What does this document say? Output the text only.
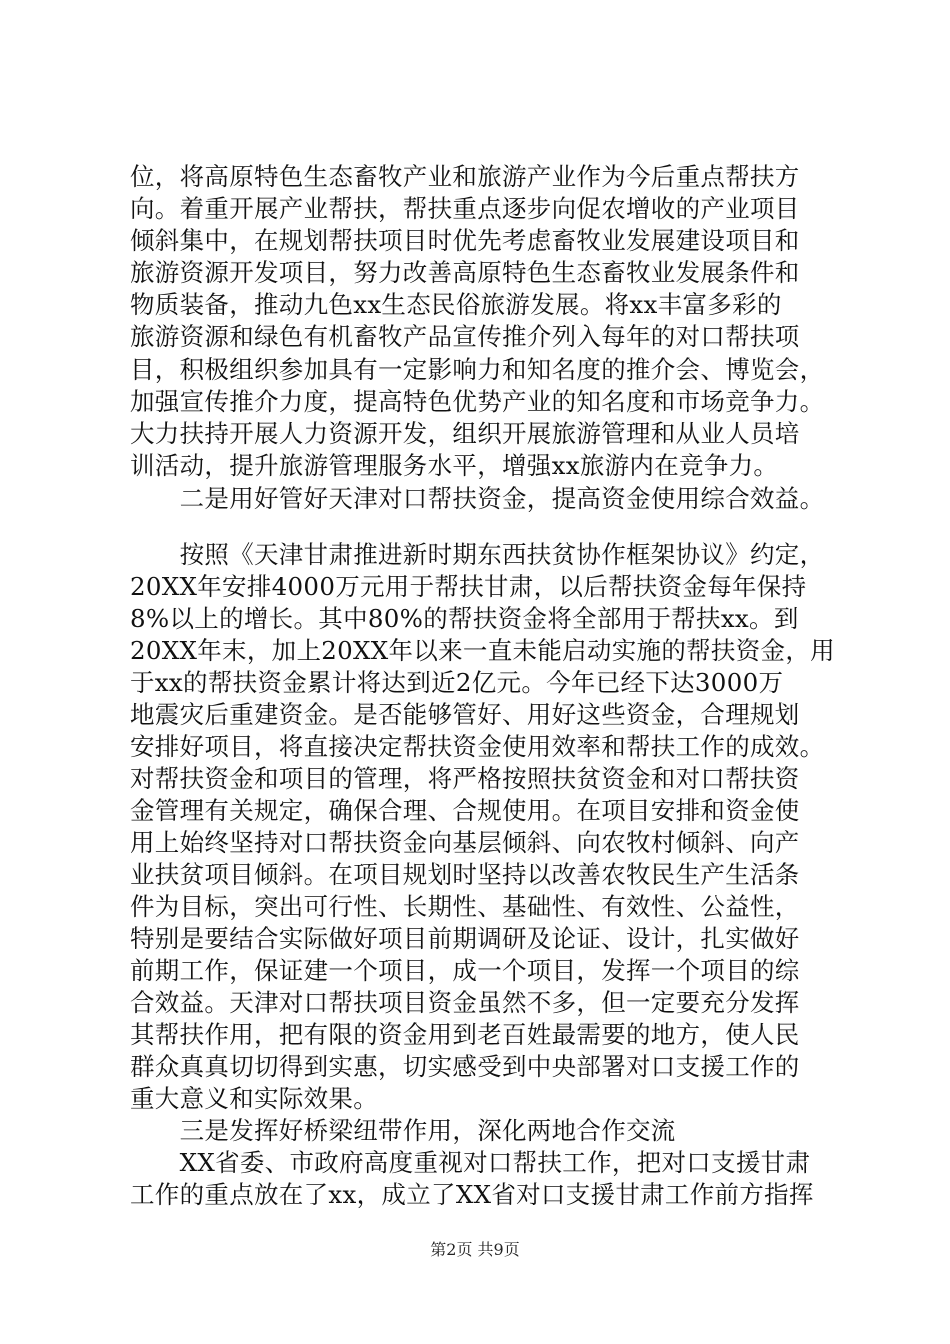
位，将高原特色生态畜牧产业和旅游产业作为今后重点帮扶方
向。着重开展产业帮扶，帮扶重点逐步向促农增收的产业项目
倾斜集中，在规划帮扶项目时优先考虑畜牧业发展建设项目和
旅游资源开发项目，努力改善高原特色生态畜牧业发展条件和
物质装备，推动九色xx生态民俗旅游发展。将xx丰富多彩的
旅游资源和绿色有机畜牧产品宣传推介列入每年的对口帮扶项
目，积极组织参加具有一定影响力和知名度的推介会、博览会，
加强宣传推介力度，提高特色优势产业的知名度和市场竞争力。
大力扶持开展人力资源开发，组织开展旅游管理和从业人员培
训活动，提升旅游管理服务水平，增强xx旅游内在竞争力。
　　二是用好管好天津对口帮扶资金，提高资金使用综合效益。
　　按照《天津甘肃推进新时期东西扶贫协作框架协议》约定，
20XX年安排4000万元用于帮扶甘肃，以后帮扶资金每年保持
8%以上的增长。其中80%的帮扶资金将全部用于帮扶xx。到
20XX年末，加上20XX年以来一直未能启动实施的帮扶资金，用
于xx的帮扶资金累计将达到近2亿元。今年已经下达3000万
地震灾后重建资金。是否能够管好、用好这些资金，合理规划
安排好项目，将直接决定帮扶资金使用效率和帮扶工作的成效。
对帮扶资金和项目的管理，将严格按照扶贫资金和对口帮扶资
金管理有关规定，确保合理、合规使用。在项目安排和资金使
用上始终坚持对口帮扶资金向基层倾斜、向农牧村倾斜、向产
业扶贫项目倾斜。在项目规划时坚持以改善农牧民生产生活条
件为目标，突出可行性、长期性、基础性、有效性、公益性，
特别是要结合实际做好项目前期调研及论证、设计，扎实做好
前期工作，保证建一个项目，成一个项目，发挥一个项目的综
合效益。天津对口帮扶项目资金虽然不多，但一定要充分发挥
其帮扶作用，把有限的资金用到老百姓最需要的地方，使人民
群众真真切切得到实惠，切实感受到中央部署对口支援工作的
重大意义和实际效果。
　　三是发挥好桥梁纽带作用，深化两地合作交流
　　XX省委、市政府高度重视对口帮扶工作，把对口支援甘肃
工作的重点放在了xx，成立了XX省对口支援甘肃工作前方指挥
第2页 共9页
